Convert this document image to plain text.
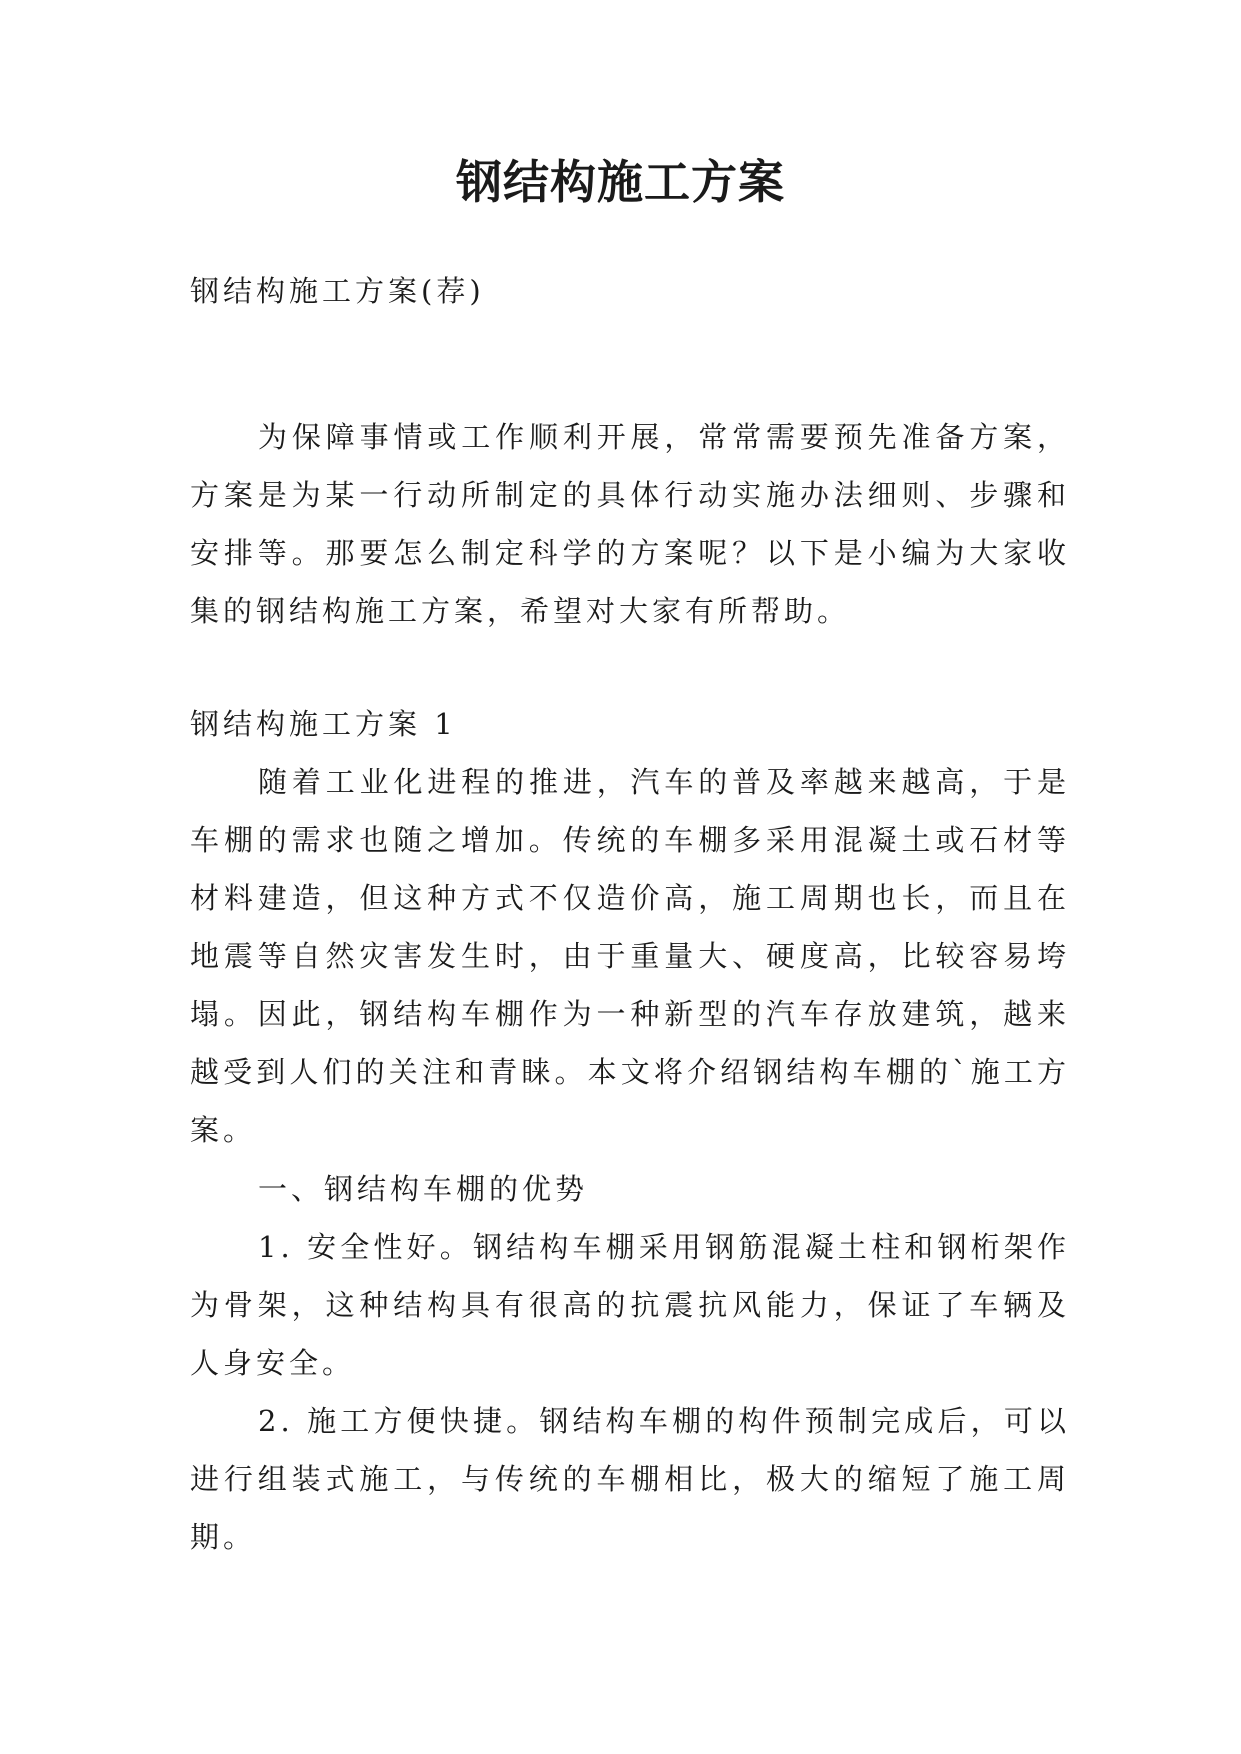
钢结构施工方案
钢结构施工方案(荐)
为保障事情或工作顺利开展，常常需要预先准备方案，方案是为某一行动所制定的具体行动实施办法细则、步骤和安排等。那要怎么制定科学的方案呢？以下是小编为大家收集的钢结构施工方案，希望对大家有所帮助。
钢结构施工方案 1
随着工业化进程的推进，汽车的普及率越来越高，于是车棚的需求也随之增加。传统的车棚多采用混凝土或石材等材料建造，但这种方式不仅造价高，施工周期也长，而且在地震等自然灾害发生时，由于重量大、硬度高，比较容易垮塌。因此，钢结构车棚作为一种新型的汽车存放建筑，越来越受到人们的关注和青睐。本文将介绍钢结构车棚的`施工方案。
一、钢结构车棚的优势
1. 安全性好。钢结构车棚采用钢筋混凝土柱和钢桁架作为骨架，这种结构具有很高的抗震抗风能力，保证了车辆及人身安全。
2. 施工方便快捷。钢结构车棚的构件预制完成后，可以进行组装式施工，与传统的车棚相比，极大的缩短了施工周期。
